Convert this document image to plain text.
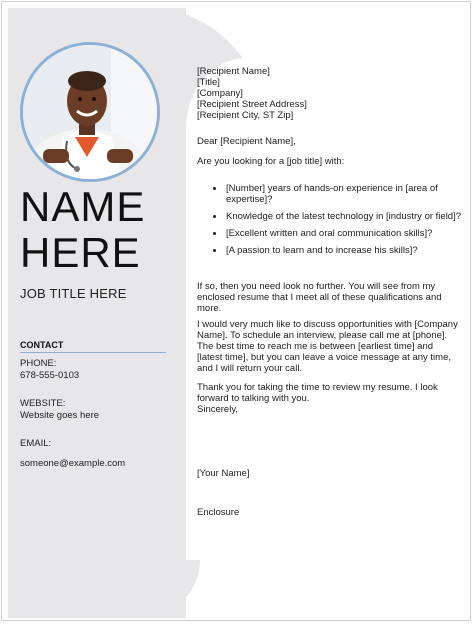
NAME
HERE
JOB TITLE HERE
CONTACT
PHONE:
678-555-0103
WEBSITE:
Website goes here
EMAIL:
someone@example.com
[Recipient Name]
[Title]
[Company]
[Recipient Street Address]
[Recipient City, ST Zip]
Dear [Recipient Name],
Are you looking for a [job title] with:
[Number] years of hands-on experience in [area of expertise]?
Knowledge of the latest technology in [industry or field]?
[Excellent written and oral communication skills]?
[A passion to learn and to increase his skills]?
If so, then you need look no further. You will see from my enclosed resume that I meet all of these qualifications and more.
I would very much like to discuss opportunities with [Company Name]. To schedule an interview, please call me at [phone]. The best time to reach me is between [earliest time] and [latest time], but you can leave a voice message at any time, and I will return your call.
Thank you for taking the time to review my resume. I look forward to talking with you.
Sincerely,
[Your Name]
Enclosure
